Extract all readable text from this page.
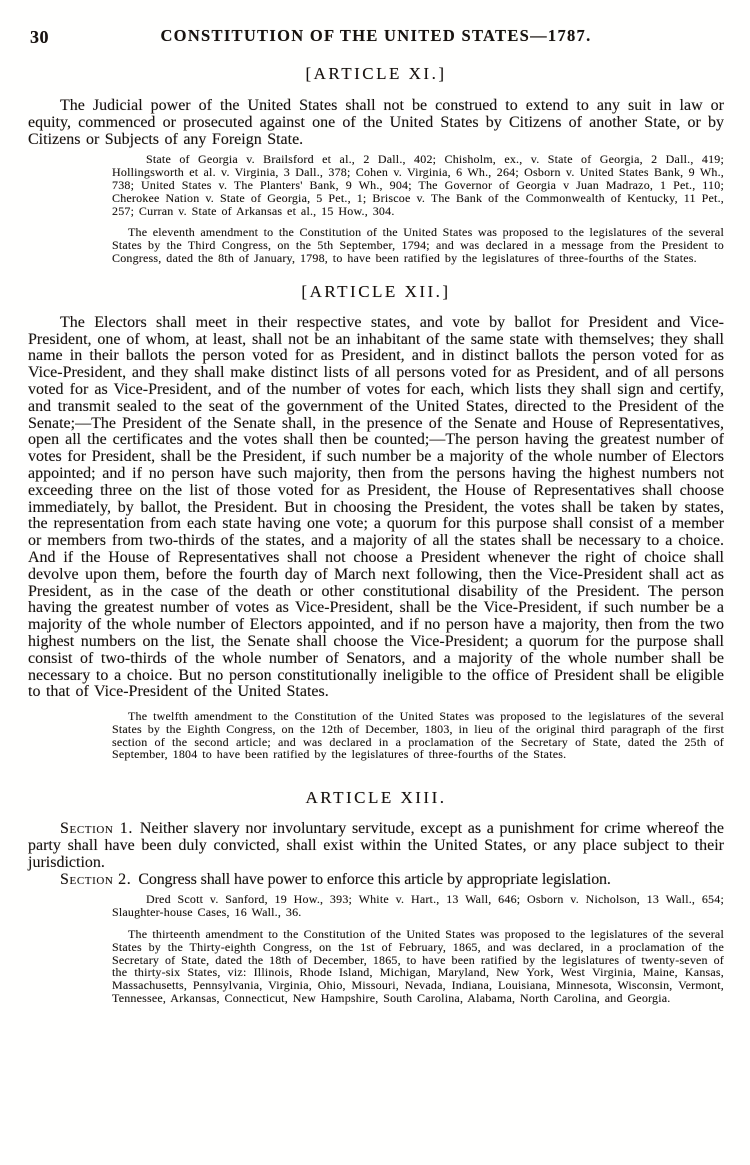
30	CONSTITUTION OF THE UNITED STATES—1787.
[ARTICLE XI.]

The Judicial power of the United States shall not be construed to extend to any suit in law or equity, commenced or prosecuted against one of the United States by Citizens of another State, or by Citizens or Subjects of any Foreign State.

State of Georgia v. Brailsford et al., 2 Dall., 402; Chisholm, ex., v. State of Georgia, 2 Dall., 419; Hollingsworth et al. v. Virginia, 3 Dall., 378; Cohen v. Virginia, 6 Wh., 264; Osborn v. United States Bank, 9 Wh., 738; United States v. The Planters' Bank, 9 Wh., 904; The Governor of Georgia v Juan Madrazo, 1 Pet., 110; Cherokee Nation v. State of Georgia, 5 Pet., 1; Briscoe v. The Bank of the Commonwealth of Kentucky, 11 Pet., 257; Curran v. State of Arkansas et al., 15 How., 304.

The eleventh amendment to the Constitution of the United States was proposed to the legislatures of the several States by the Third Congress, on the 5th September, 1794; and was declared in a message from the President to Congress, dated the 8th of January, 1798, to have been ratified by the legislatures of three-fourths of the States.

[ARTICLE XII.]

The Electors shall meet in their respective states, and vote by ballot for President and Vice-President, one of whom, at least, shall not be an inhabitant of the same state with themselves; they shall name in their ballots the person voted for as President, and in distinct ballots the person voted for as Vice-President, and they shall make distinct lists of all persons voted for as President, and of all persons voted for as Vice-President, and of the number of votes for each, which lists they shall sign and certify, and transmit sealed to the seat of the government of the United States, directed to the President of the Senate;—The President of the Senate shall, in the presence of the Senate and House of Representatives, open all the certificates and the votes shall then be counted;—The person having the greatest number of votes for President, shall be the President, if such number be a majority of the whole number of Electors appointed; and if no person have such majority, then from the persons having the highest numbers not exceeding three on the list of those voted for as President, the House of Representatives shall choose immediately, by ballot, the President. But in choosing the President, the votes shall be taken by states, the representation from each state having one vote; a quorum for this purpose shall consist of a member or members from two-thirds of the states, and a majority of all the states shall be necessary to a choice. And if the House of Representatives shall not choose a President whenever the right of choice shall devolve upon them, before the fourth day of March next following, then the Vice-President shall act as President, as in the case of the death or other constitutional disability of the President. The person having the greatest number of votes as Vice-President, shall be the Vice-President, if such number be a majority of the whole number of Electors appointed, and if no person have a majority, then from the two highest numbers on the list, the Senate shall choose the Vice-President; a quorum for the purpose shall consist of two-thirds of the whole number of Senators, and a majority of the whole number shall be necessary to a choice. But no person constitutionally ineligible to the office of President shall be eligible to that of Vice-President of the United States.

The twelfth amendment to the Constitution of the United States was proposed to the legislatures of the several States by the Eighth Congress, on the 12th of December, 1803, in lieu of the original third paragraph of the first section of the second article; and was declared in a proclamation of the Secretary of State, dated the 25th of September, 1804 to have been ratified by the legislatures of three-fourths of the States.

ARTICLE XIII.

Section 1. Neither slavery nor involuntary servitude, except as a punishment for crime whereof the party shall have been duly convicted, shall exist within the United States, or any place subject to their jurisdiction.

Section 2. Congress shall have power to enforce this article by appropriate legislation.

Dred Scott v. Sanford, 19 How., 393; White v. Hart., 13 Wall, 646; Osborn v. Nicholson, 13 Wall., 654; Slaughter-house Cases, 16 Wall., 36.

The thirteenth amendment to the Constitution of the United States was proposed to the legislatures of the several States by the Thirty-eighth Congress, on the 1st of February, 1865, and was declared, in a proclamation of the Secretary of State, dated the 18th of December, 1865, to have been ratified by the legislatures of twenty-seven of the thirty-six States, viz: Illinois, Rhode Island, Michigan, Maryland, New York, West Virginia, Maine, Kansas, Massachusetts, Pennsylvania, Virginia, Ohio, Missouri, Nevada, Indiana, Louisiana, Minnesota, Wisconsin, Vermont, Tennessee, Arkansas, Connecticut, New Hampshire, South Carolina, Alabama, North Carolina, and Georgia.
